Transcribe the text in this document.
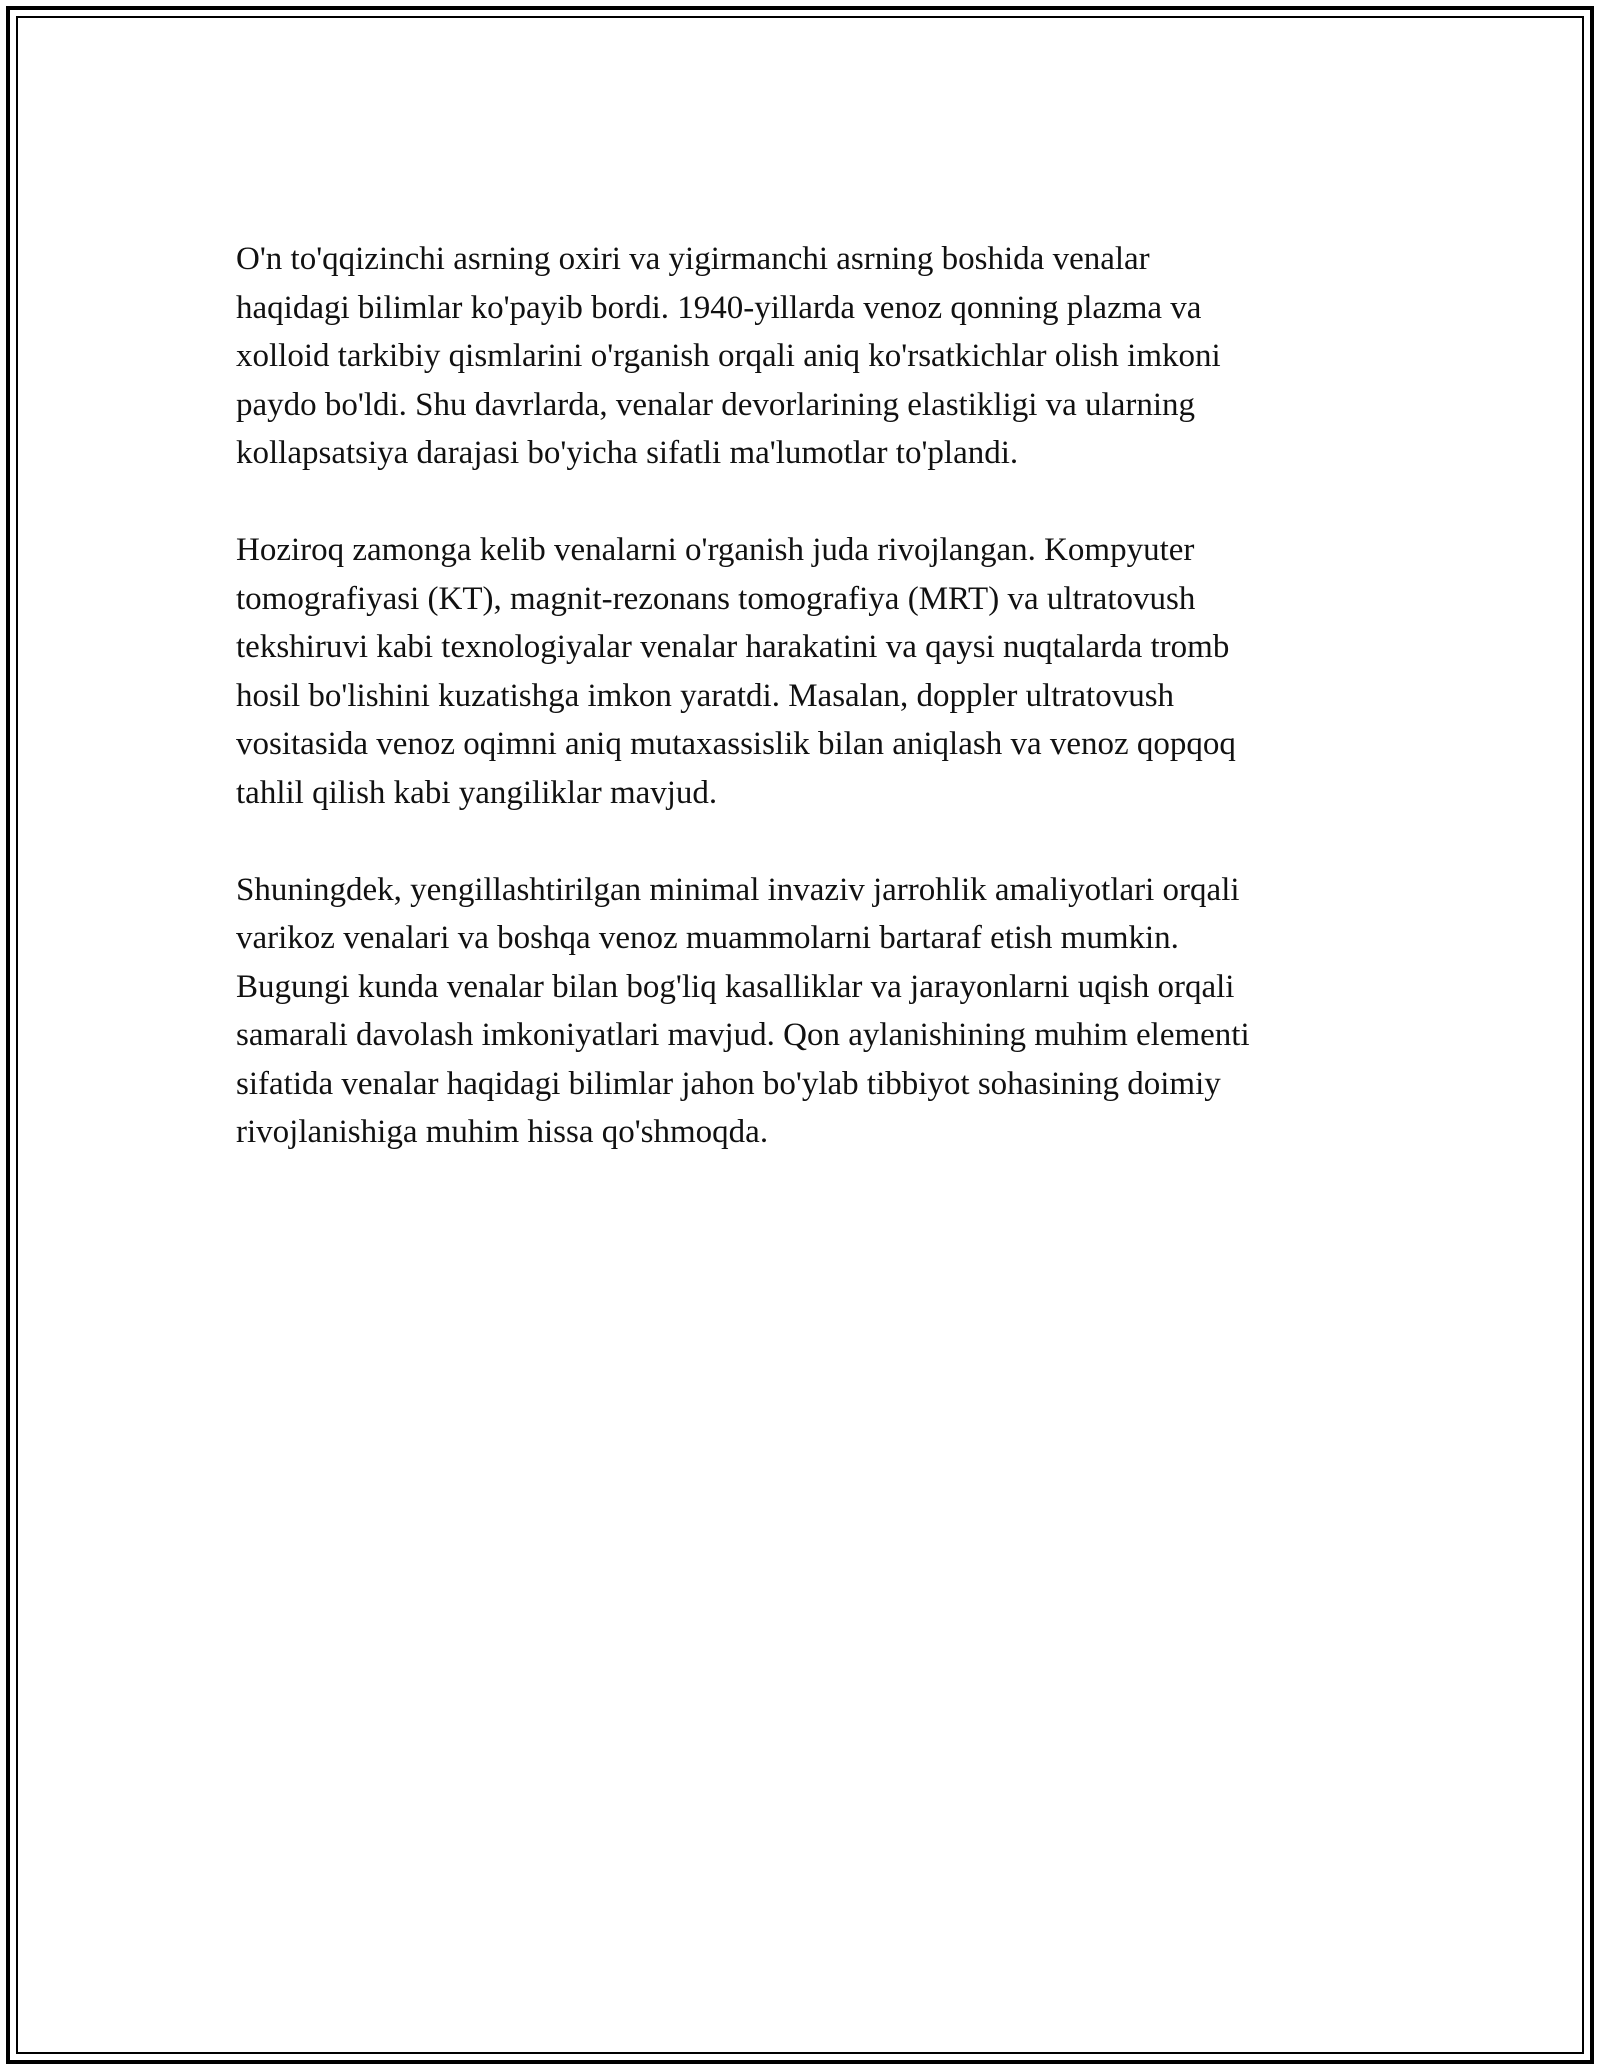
O'n to'qqizinchi asrning oxiri va yigirmanchi asrning boshida venalar
haqidagi bilimlar ko'payib bordi. 1940-yillarda venoz qonning plazma va
xolloid tarkibiy qismlarini o'rganish orqali aniq ko'rsatkichlar olish imkoni
paydo bo'ldi. Shu davrlarda, venalar devorlarining elastikligi va ularning
kollapsatsiya darajasi bo'yicha sifatli ma'lumotlar to'plandi.

Hoziroq zamonga kelib venalarni o'rganish juda rivojlangan. Kompyuter
tomografiyasi (KT), magnit-rezonans tomografiya (MRT) va ultratovush
tekshiruvi kabi texnologiyalar venalar harakatini va qaysi nuqtalarda tromb
hosil bo'lishini kuzatishga imkon yaratdi. Masalan, doppler ultratovush
vositasida venoz oqimni aniq mutaxassislik bilan aniqlash va venoz qopqoq
tahlil qilish kabi yangiliklar mavjud.

Shuningdek, yengillashtirilgan minimal invaziv jarrohlik amaliyotlari orqali
varikoz venalari va boshqa venoz muammolarni bartaraf etish mumkin.
Bugungi kunda venalar bilan bog'liq kasalliklar va jarayonlarni uqish orqali
samarali davolash imkoniyatlari mavjud. Qon aylanishining muhim elementi
sifatida venalar haqidagi bilimlar jahon bo'ylab tibbiyot sohasining doimiy
rivojlanishiga muhim hissa qo'shmoqda.
